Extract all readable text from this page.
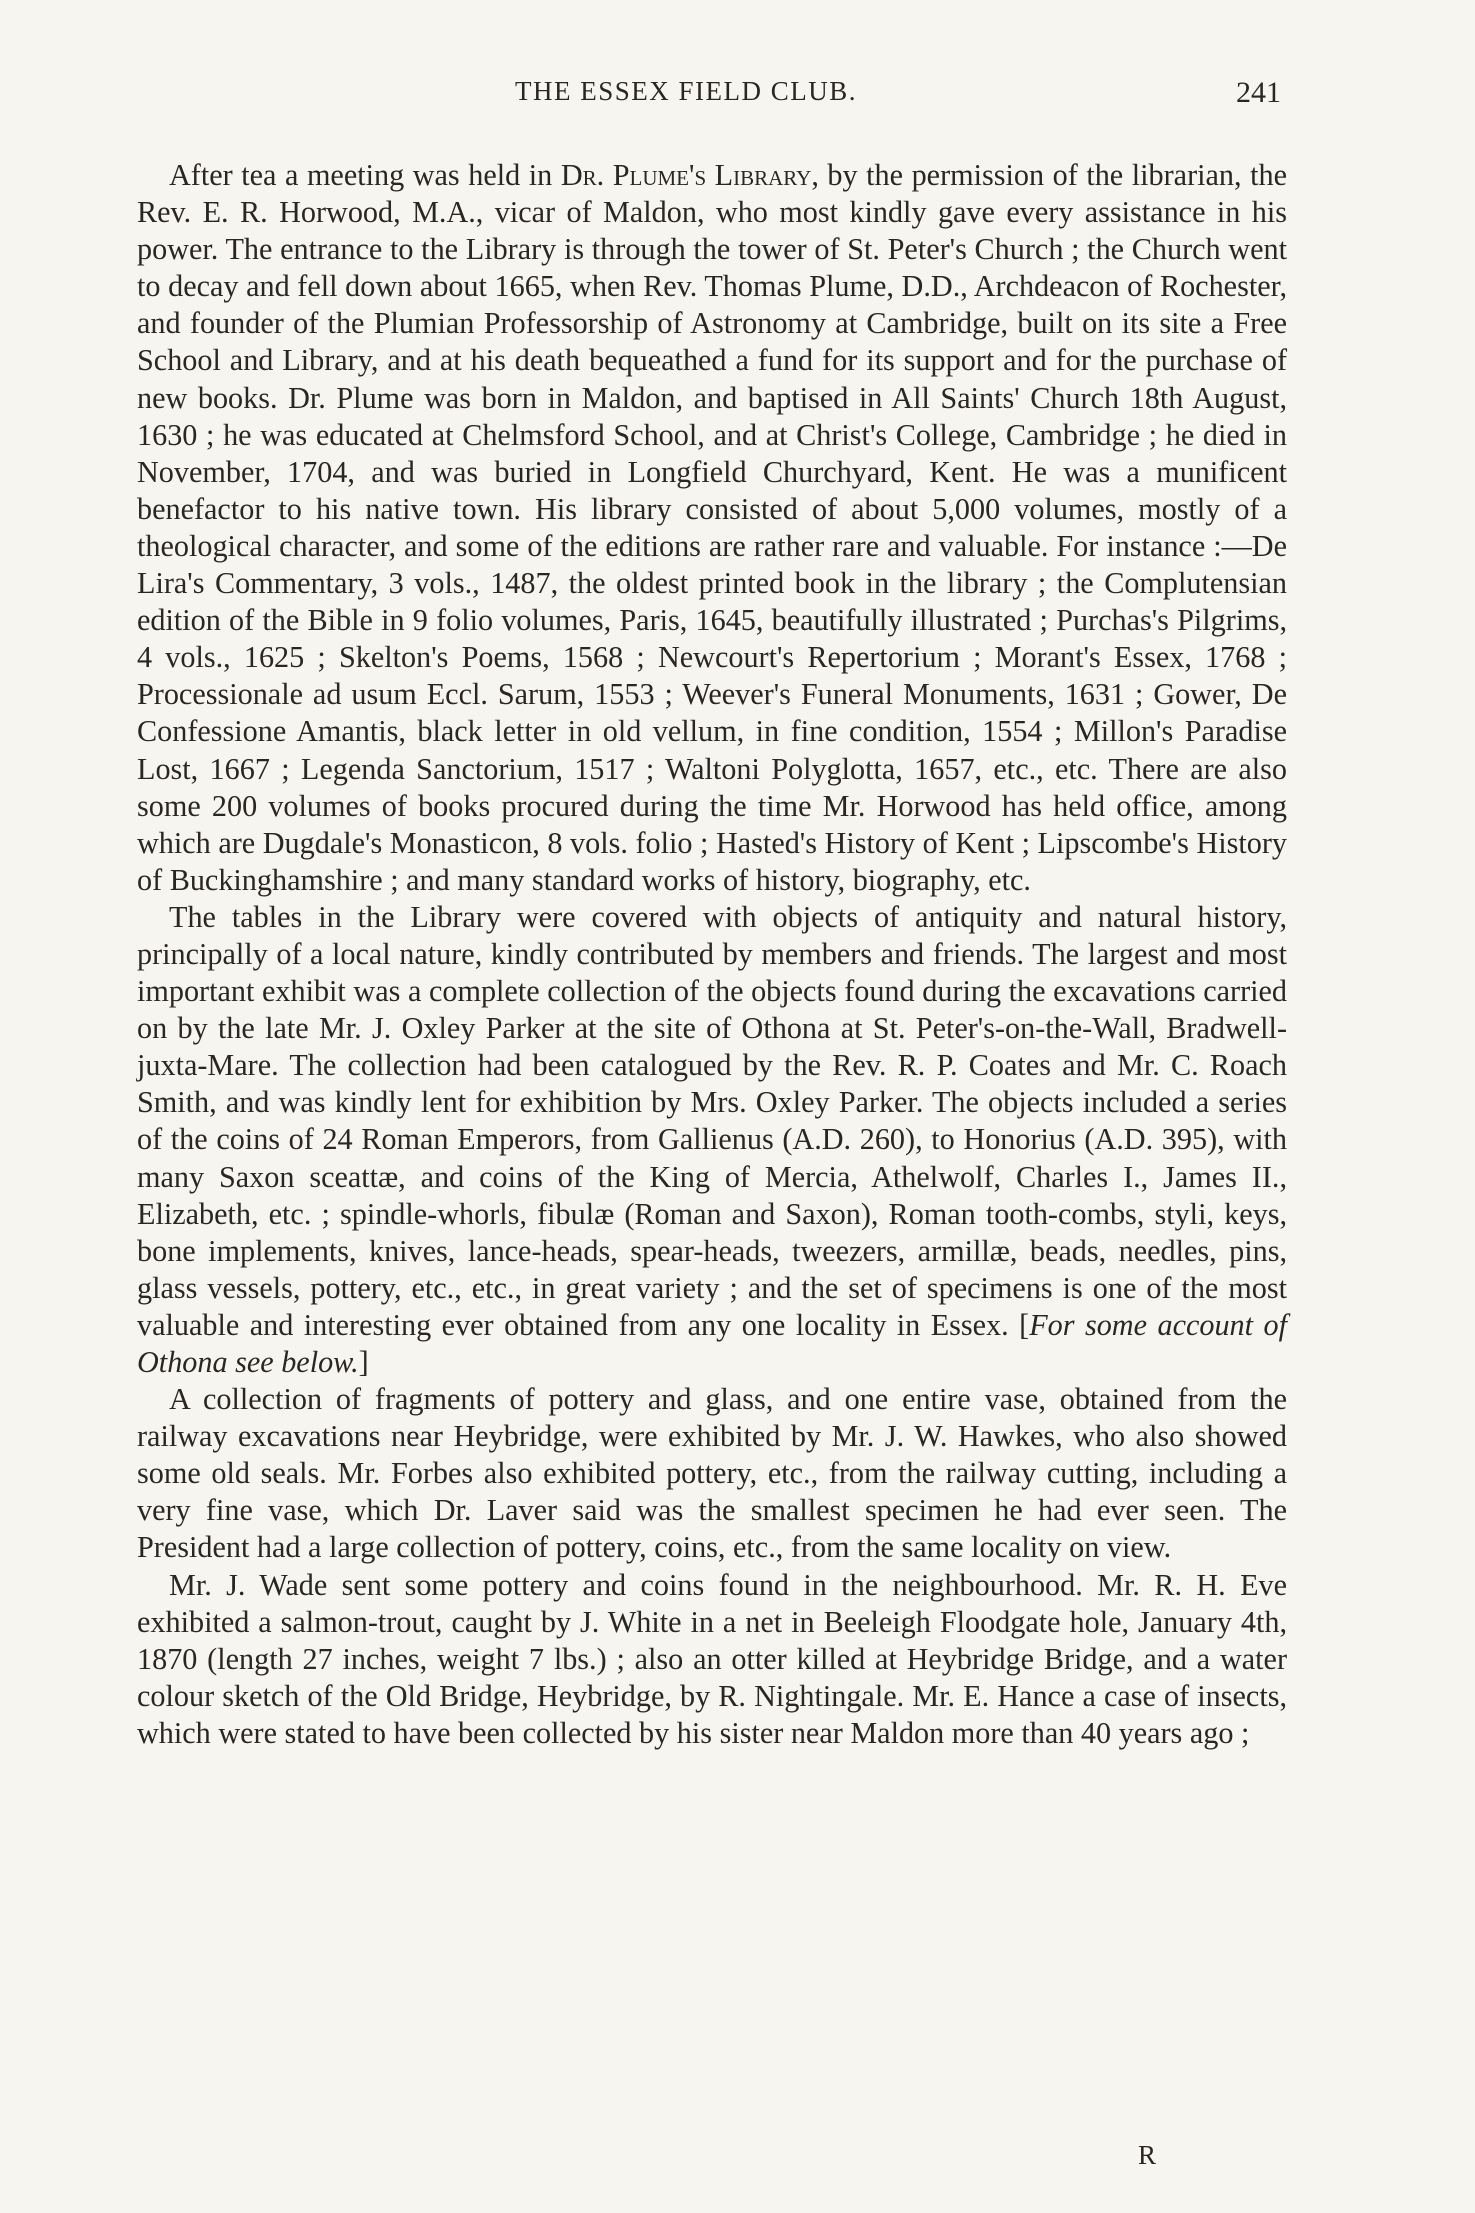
THE ESSEX FIELD CLUB.	241

After tea a meeting was held in Dr. Plume's Library, by the permission of the librarian, the Rev. E. R. Horwood, M.A., vicar of Maldon, who most kindly gave every assistance in his power. The entrance to the Library is through the tower of St. Peter's Church ; the Church went to decay and fell down about 1665, when Rev. Thomas Plume, D.D., Archdeacon of Rochester, and founder of the Plumian Professorship of Astronomy at Cambridge, built on its site a Free School and Library, and at his death bequeathed a fund for its support and for the purchase of new books. Dr. Plume was born in Maldon, and baptised in All Saints' Church 18th August, 1630 ; he was educated at Chelmsford School, and at Christ's College, Cambridge ; he died in November, 1704, and was buried in Longfield Churchyard, Kent. He was a munificent benefactor to his native town. His library consisted of about 5,000 volumes, mostly of a theological character, and some of the editions are rather rare and valuable. For instance :—De Lira's Commentary, 3 vols., 1487, the oldest printed book in the library ; the Complutensian edition of the Bible in 9 folio volumes, Paris, 1645, beautifully illustrated ; Purchas's Pilgrims, 4 vols., 1625 ; Skelton's Poems, 1568 ; Newcourt's Repertorium ; Morant's Essex, 1768 ; Processionale ad usum Eccl. Sarum, 1553 ; Weever's Funeral Monuments, 1631 ; Gower, De Confessione Amantis, black letter in old vellum, in fine condition, 1554 ; Millon's Paradise Lost, 1667 ; Legenda Sanctorium, 1517 ; Waltoni Polyglotta, 1657, etc., etc. There are also some 200 volumes of books procured during the time Mr. Horwood has held office, among which are Dugdale's Monasticon, 8 vols. folio ; Hasted's History of Kent ; Lipscombe's History of Buckinghamshire ; and many standard works of history, biography, etc.

The tables in the Library were covered with objects of antiquity and natural history, principally of a local nature, kindly contributed by members and friends. The largest and most important exhibit was a complete collection of the objects found during the excavations carried on by the late Mr. J. Oxley Parker at the site of Othona at St. Peter's-on-the-Wall, Bradwell-juxta-Mare. The collection had been catalogued by the Rev. R. P. Coates and Mr. C. Roach Smith, and was kindly lent for exhibition by Mrs. Oxley Parker. The objects included a series of the coins of 24 Roman Emperors, from Gallienus (A.D. 260), to Honorius (A.D. 395), with many Saxon sceattæ, and coins of the King of Mercia, Athelwolf, Charles I., James II., Elizabeth, etc. ; spindle-whorls, fibulæ (Roman and Saxon), Roman tooth-combs, styli, keys, bone implements, knives, lance-heads, spear-heads, tweezers, armillæ, beads, needles, pins, glass vessels, pottery, etc., etc., in great variety ; and the set of specimens is one of the most valuable and interesting ever obtained from any one locality in Essex. [For some account of Othona see below.]

A collection of fragments of pottery and glass, and one entire vase, obtained from the railway excavations near Heybridge, were exhibited by Mr. J. W. Hawkes, who also showed some old seals. Mr. Forbes also exhibited pottery, etc., from the railway cutting, including a very fine vase, which Dr. Laver said was the smallest specimen he had ever seen. The President had a large collection of pottery, coins, etc., from the same locality on view.

Mr. J. Wade sent some pottery and coins found in the neighbourhood. Mr. R. H. Eve exhibited a salmon-trout, caught by J. White in a net in Beeleigh Floodgate hole, January 4th, 1870 (length 27 inches, weight 7 lbs.) ; also an otter killed at Heybridge Bridge, and a water colour sketch of the Old Bridge, Heybridge, by R. Nightingale. Mr. E. Hance a case of insects, which were stated to have been collected by his sister near Maldon more than 40 years ago ;

R
